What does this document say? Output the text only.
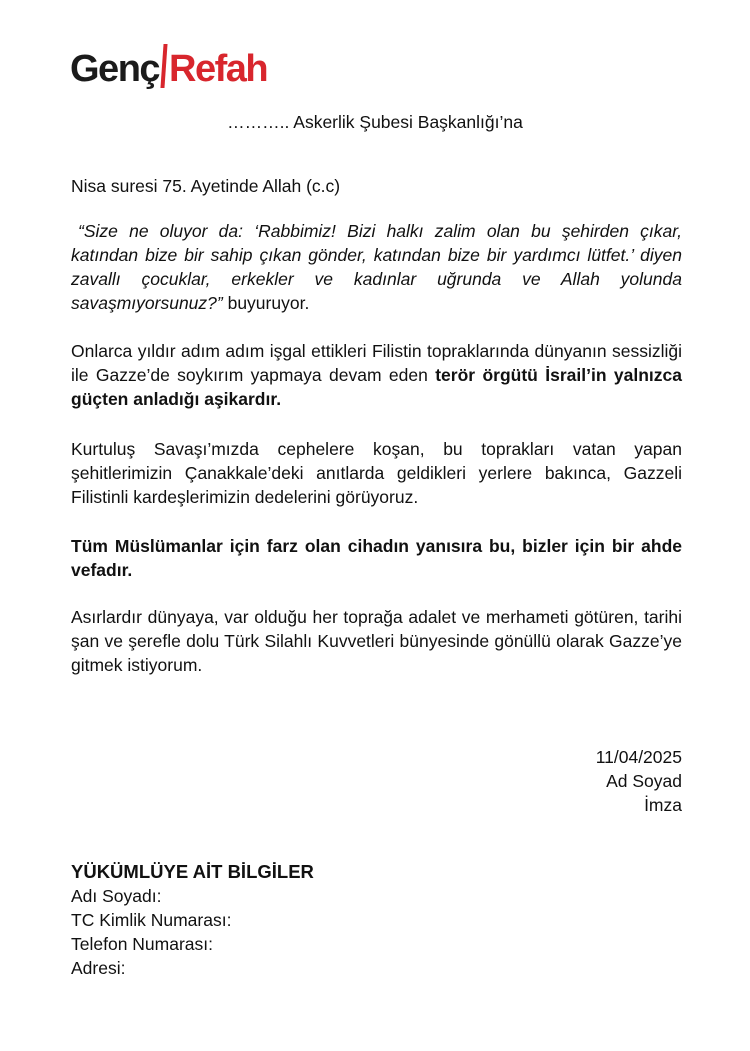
Genç Refah
……….. Askerlik Şubesi Başkanlığı’na
Nisa suresi 75. Ayetinde Allah (c.c)
“Size ne oluyor da: ‘Rabbimiz! Bizi halkı zalim olan bu şehirden çıkar, katından bize bir sahip çıkan gönder, katından bize bir yardımcı lütfet.’ diyen zavallı çocuklar, erkekler ve kadınlar uğrunda ve Allah yolunda savaşmıyorsunuz?” buyuruyor.
Onlarca yıldır adım adım işgal ettikleri Filistin topraklarında dünyanın sessizliği ile Gazze’de soykırım yapmaya devam eden terör örgütü İsrail’in yalnızca güçten anladığı aşikardır.
Kurtuluş Savaşı’mızda cephelere koşan, bu toprakları vatan yapan şehitlerimizin Çanakkale’deki anıtlarda geldikleri yerlere bakınca, Gazzeli Filistinli kardeşlerimizin dedelerini görüyoruz.
Tüm Müslümanlar için farz olan cihadın yanısıra bu, bizler için bir ahde vefadır.
Asırlardır dünyaya, var olduğu her toprağa adalet ve merhameti götüren, tarihi şan ve şerefle dolu Türk Silahlı Kuvvetleri bünyesinde gönüllü olarak Gazze’ye gitmek istiyorum.
11/04/2025
Ad Soyad
İmza
YÜKÜMLÜYE AİT BİLGİLER
Adı Soyadı:
TC Kimlik Numarası:
Telefon Numarası:
Adresi:
